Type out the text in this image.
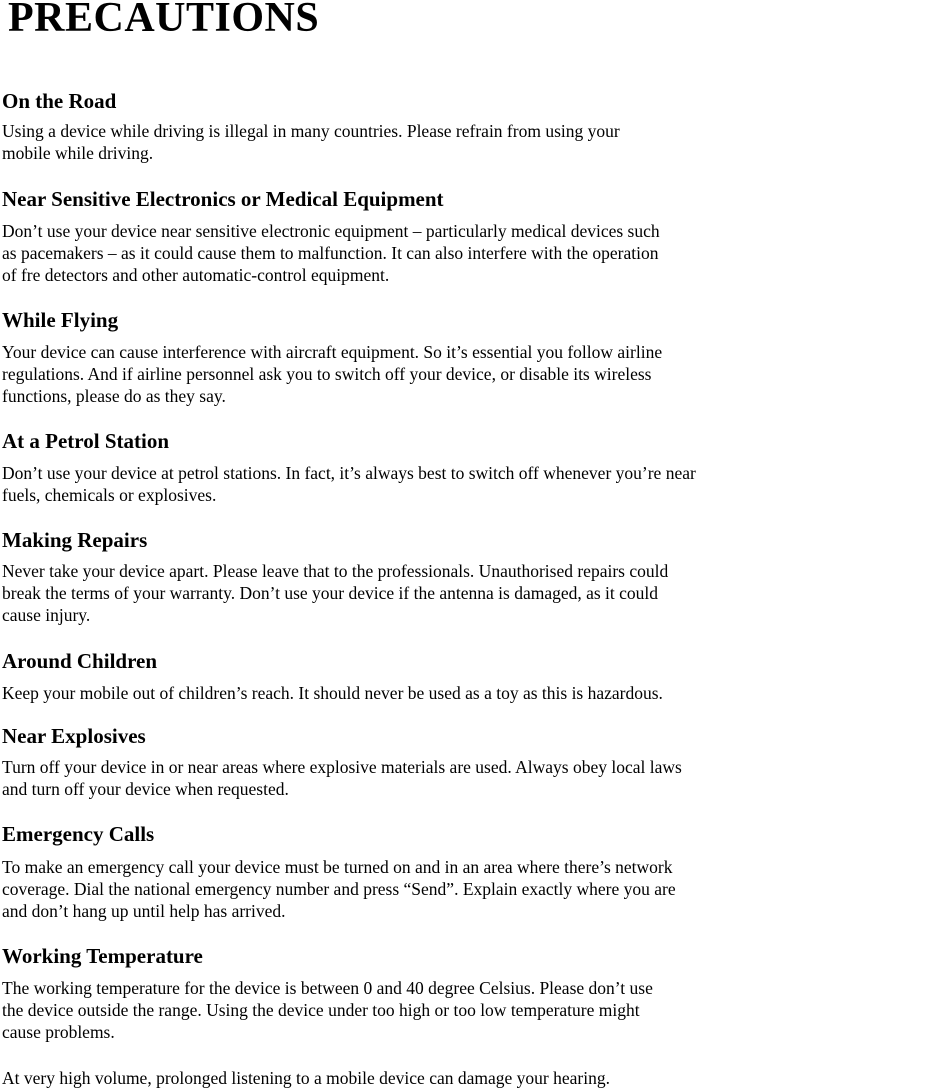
PRECAUTIONS
On the Road
Using a device while driving is illegal in many countries. Please refrain from using your
mobile while driving.
Near Sensitive Electronics or Medical Equipment
Don’t use your device near sensitive electronic equipment – particularly medical devices such
as pacemakers – as it could cause them to malfunction. It can also interfere with the operation
of fre detectors and other automatic-control equipment.
While Flying
Your device can cause interference with aircraft equipment. So it’s essential you follow airline
regulations. And if airline personnel ask you to switch off your device, or disable its wireless
functions, please do as they say.
At a Petrol Station
Don’t use your device at petrol stations. In fact, it’s always best to switch off whenever you’re near
fuels, chemicals or explosives.
Making Repairs
Never take your device apart. Please leave that to the professionals. Unauthorised repairs could
break the terms of your warranty. Don’t use your device if the antenna is damaged, as it could
cause injury.
Around Children
Keep your mobile out of children’s reach. It should never be used as a toy as this is hazardous.
Near Explosives
Turn off your device in or near areas where explosive materials are used. Always obey local laws
and turn off your device when requested.
Emergency Calls
To make an emergency call your device must be turned on and in an area where there’s network
coverage. Dial the national emergency number and press “Send”. Explain exactly where you are
and don’t hang up until help has arrived.
Working Temperature
The working temperature for the device is between 0 and 40 degree Celsius. Please don’t use
the device outside the range. Using the device under too high or too low temperature might
cause problems.
At very high volume, prolonged listening to a mobile device can damage your hearing.
